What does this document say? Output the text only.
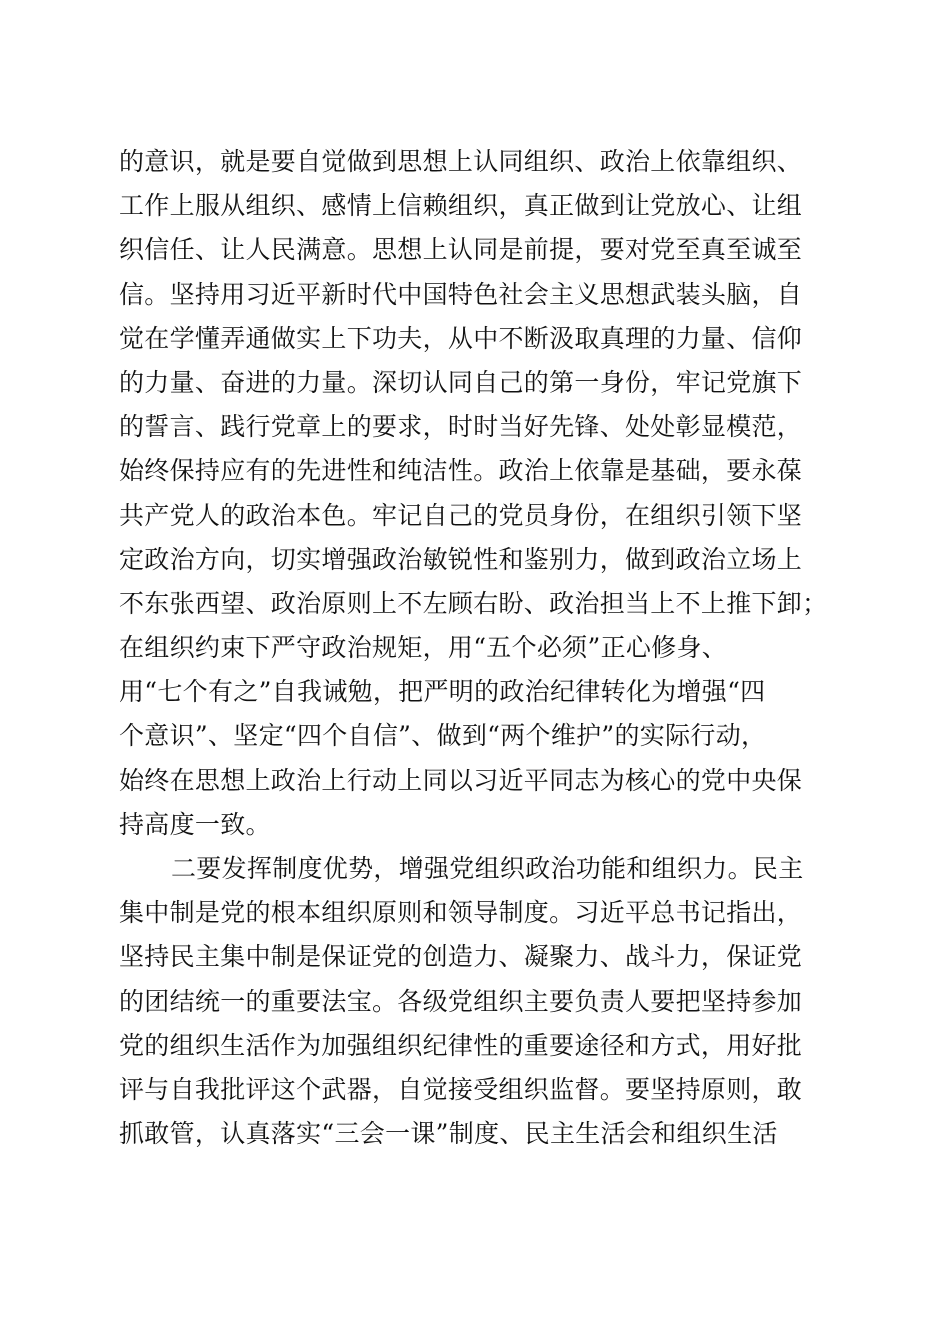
的意识，就是要自觉做到思想上认同组织、政治上依靠组织、
工作上服从组织、感情上信赖组织，真正做到让党放心、让组
织信任、让人民满意。思想上认同是前提，要对党至真至诚至
信。坚持用习近平新时代中国特色社会主义思想武装头脑，自
觉在学懂弄通做实上下功夫，从中不断汲取真理的力量、信仰
的力量、奋进的力量。深切认同自己的第一身份，牢记党旗下
的誓言、践行党章上的要求，时时当好先锋、处处彰显模范，
始终保持应有的先进性和纯洁性。政治上依靠是基础，要永葆
共产党人的政治本色。牢记自己的党员身份，在组织引领下坚
定政治方向，切实增强政治敏锐性和鉴别力，做到政治立场上
不东张西望、政治原则上不左顾右盼、政治担当上不上推下卸；
在组织约束下严守政治规矩，用“五个必须”正心修身、
用“七个有之”自我诫勉，把严明的政治纪律转化为增强“四
个意识”、坚定“四个自信”、做到“两个维护”的实际行动，
始终在思想上政治上行动上同以习近平同志为核心的党中央保
持高度一致。
二要发挥制度优势，增强党组织政治功能和组织力。民主
集中制是党的根本组织原则和领导制度。习近平总书记指出，
坚持民主集中制是保证党的创造力、凝聚力、战斗力，保证党
的团结统一的重要法宝。各级党组织主要负责人要把坚持参加
党的组织生活作为加强组织纪律性的重要途径和方式，用好批
评与自我批评这个武器，自觉接受组织监督。要坚持原则，敢
抓敢管，认真落实“三会一课”制度、民主生活会和组织生活
